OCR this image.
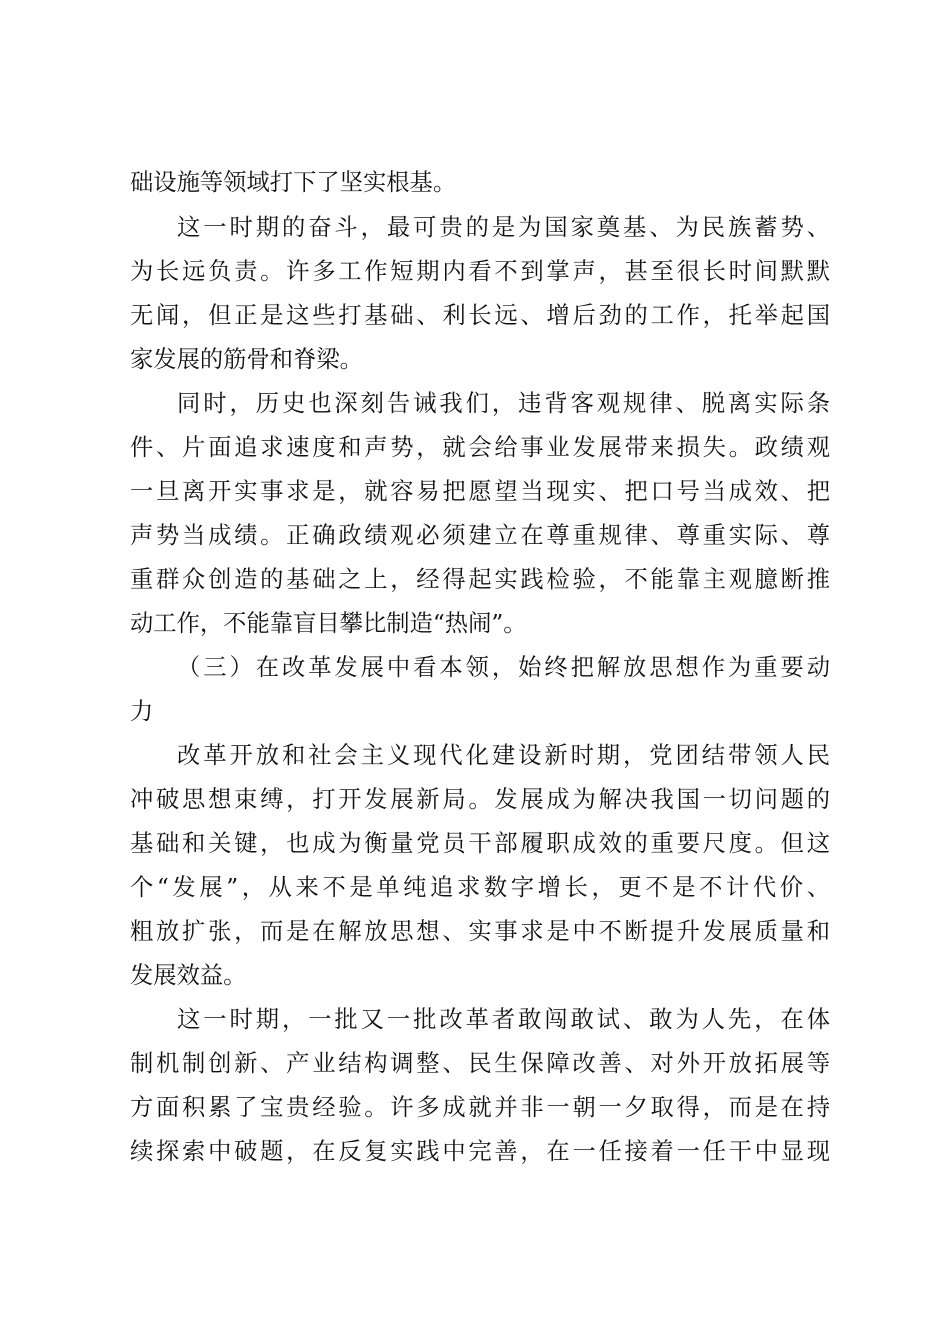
础设施等领域打下了坚实根基。
这一时期的奋斗，最可贵的是为国家奠基、为民族蓄势、
为长远负责。许多工作短期内看不到掌声，甚至很长时间默默
无闻，但正是这些打基础、利长远、增后劲的工作，托举起国
家发展的筋骨和脊梁。
同时，历史也深刻告诫我们，违背客观规律、脱离实际条
件、片面追求速度和声势，就会给事业发展带来损失。政绩观
一旦离开实事求是，就容易把愿望当现实、把口号当成效、把
声势当成绩。正确政绩观必须建立在尊重规律、尊重实际、尊
重群众创造的基础之上，经得起实践检验，不能靠主观臆断推
动工作，不能靠盲目攀比制造“热闹”。
（三）在改革发展中看本领，始终把解放思想作为重要动
力
改革开放和社会主义现代化建设新时期，党团结带领人民
冲破思想束缚，打开发展新局。发展成为解决我国一切问题的
基础和关键，也成为衡量党员干部履职成效的重要尺度。但这
个“发展”，从来不是单纯追求数字增长，更不是不计代价、
粗放扩张，而是在解放思想、实事求是中不断提升发展质量和
发展效益。
这一时期，一批又一批改革者敢闯敢试、敢为人先，在体
制机制创新、产业结构调整、民生保障改善、对外开放拓展等
方面积累了宝贵经验。许多成就并非一朝一夕取得，而是在持
续探索中破题，在反复实践中完善，在一任接着一任干中显现
